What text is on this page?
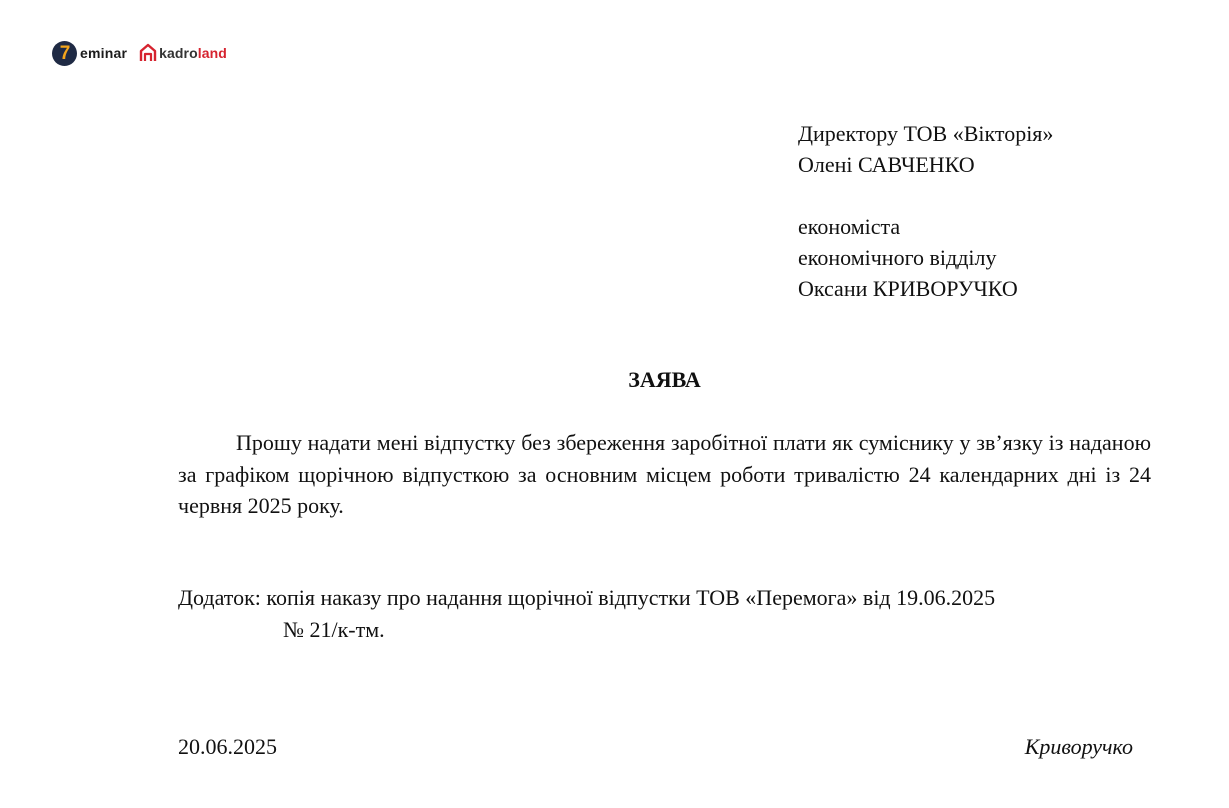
7 eminar kadroland
Директору ТОВ «Вікторія»
Олені САВЧЕНКО
економіста
економічного відділу
Оксани КРИВОРУЧКО
ЗАЯВА
Прошу надати мені відпустку без збереження заробітної плати як суміснику у зв’язку із наданою за графіком щорічною відпусткою за основним місцем роботи тривалістю 24 календарних дні із 24 червня 2025 року.
Додаток: копія наказу про надання щорічної відпустки ТОВ «Перемога» від 19.06.2025
№ 21/к-тм.
20.06.2025	Криворучко
